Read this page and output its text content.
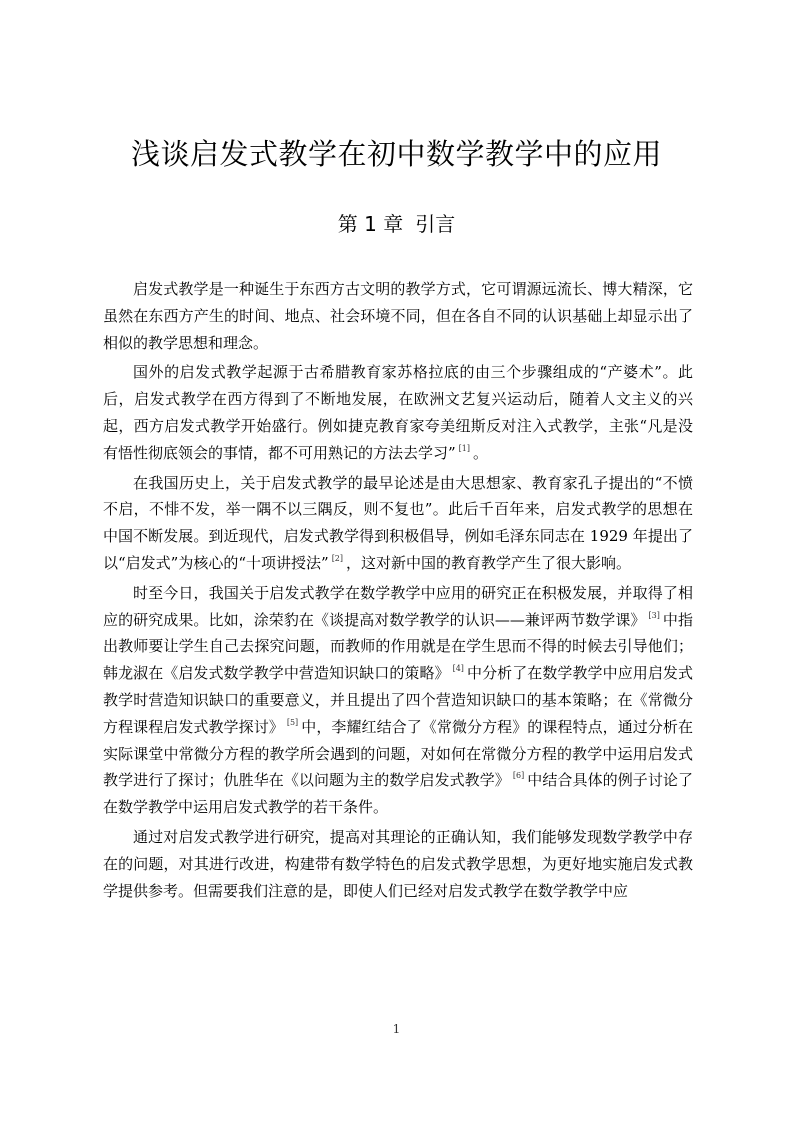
浅谈启发式教学在初中数学教学中的应用
第 1 章 引言

启发式教学是一种诞生于东西方古文明的教学方式，它可谓源远流长、博大精深，它虽然在东西方产生的时间、地点、社会环境不同，但在各自不同的认识基础上却显示出了相似的教学思想和理念。

国外的启发式教学起源于古希腊教育家苏格拉底的由三个步骤组成的“产婆术”。此后，启发式教学在西方得到了不断地发展，在欧洲文艺复兴运动后，随着人文主义的兴起，西方启发式教学开始盛行。例如捷克教育家夸美纽斯反对注入式教学，主张“凡是没有悟性彻底领会的事情，都不可用熟记的方法去学习” [1] 。

在我国历史上，关于启发式教学的最早论述是由大思想家、教育家孔子提出的“不愤不启，不悱不发，举一隅不以三隅反，则不复也”。此后千百年来，启发式教学的思想在中国不断发展。到近现代，启发式教学得到积极倡导，例如毛泽东同志在 1929 年提出了以“启发式”为核心的“十项讲授法” [2] ，这对新中国的教育教学产生了很大影响。

时至今日，我国关于启发式教学在数学教学中应用的研究正在积极发展，并取得了相应的研究成果。比如，涂荣豹在《谈提高对数学教学的认识——兼评两节数学课》 [3] 中指出教师要让学生自己去探究问题，而教师的作用就是在学生思而不得的时候去引导他们；韩龙淑在《启发式数学教学中营造知识缺口的策略》 [4] 中分析了在数学教学中应用启发式教学时营造知识缺口的重要意义，并且提出了四个营造知识缺口的基本策略；在《常微分方程课程启发式教学探讨》 [5] 中，李耀红结合了《常微分方程》的课程特点，通过分析在实际课堂中常微分方程的教学所会遇到的问题，对如何在常微分方程的教学中运用启发式教学进行了探讨；仇胜华在《以问题为主的数学启发式教学》 [6] 中结合具体的例子讨论了在数学教学中运用启发式教学的若干条件。

通过对启发式教学进行研究，提高对其理论的正确认知，我们能够发现数学教学中存在的问题，对其进行改进，构建带有数学特色的启发式教学思想，为更好地实施启发式教学提供参考。但需要我们注意的是，即使人们已经对启发式教学在数学教学中应

1
